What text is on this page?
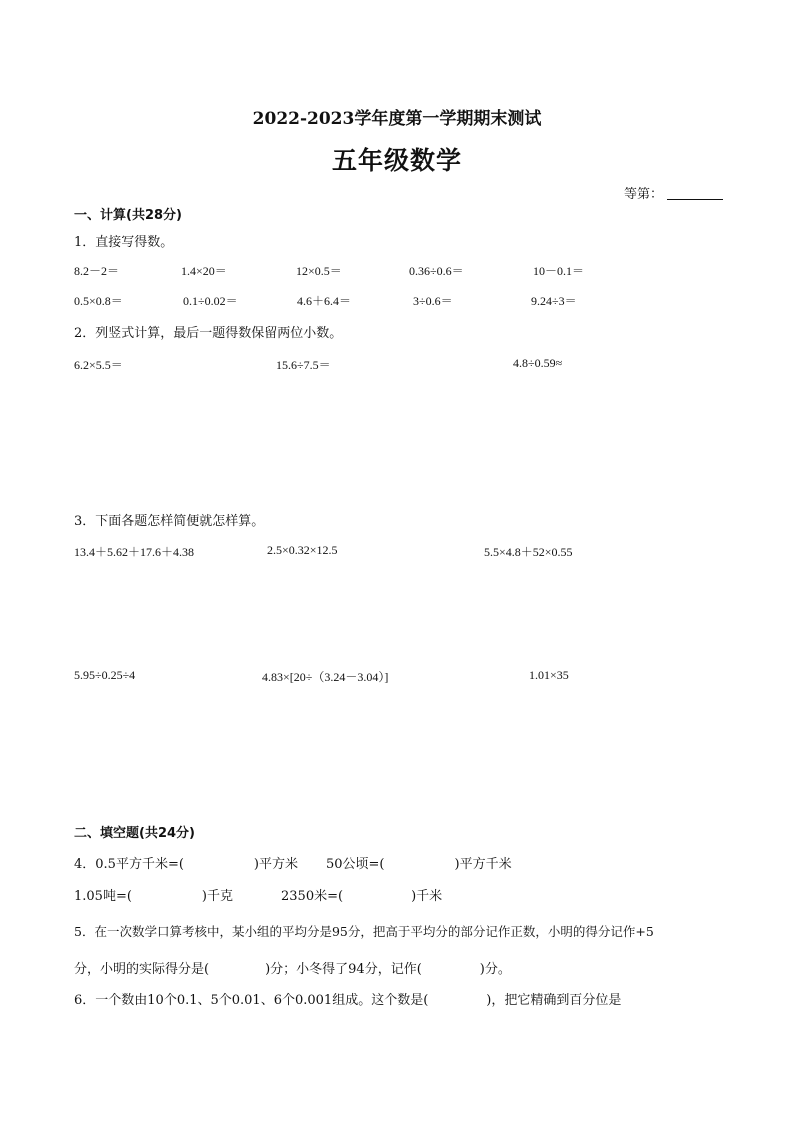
2022-2023学年度第一学期期末测试
五年级数学
等第：
一、计算(共28分)
1．直接写得数。
8.2－2＝	1.4×20＝	12×0.5＝	0.36÷0.6＝	10－0.1＝
0.5×0.8＝	0.1÷0.02＝	4.6＋6.4＝	3÷0.6＝	9.24÷3＝
2．列竖式计算，最后一题得数保留两位小数。
6.2×5.5＝	15.6÷7.5＝	4.8÷0.59≈
3．下面各题怎样简便就怎样算。
13.4＋5.62＋17.6＋4.38	2.5×0.32×12.5	5.5×4.8＋52×0.55
5.95÷0.25÷4	4.83×[20÷（3.24－3.04）]	1.01×35
二、填空题(共24分)
4．0.5平方千米=(	)平方米 50公顷=(	)平方千米
1.05吨=(	)千克	2350米=(	)千米
5．在一次数学口算考核中，某小组的平均分是95分，把高于平均分的部分记作正数，小明的得分记作+5
分，小明的实际得分是(	)分；小冬得了94分，记作(	)分。
6．一个数由10个0.1、5个0.01、6个0.001组成。这个数是(	)，把它精确到百分位是
